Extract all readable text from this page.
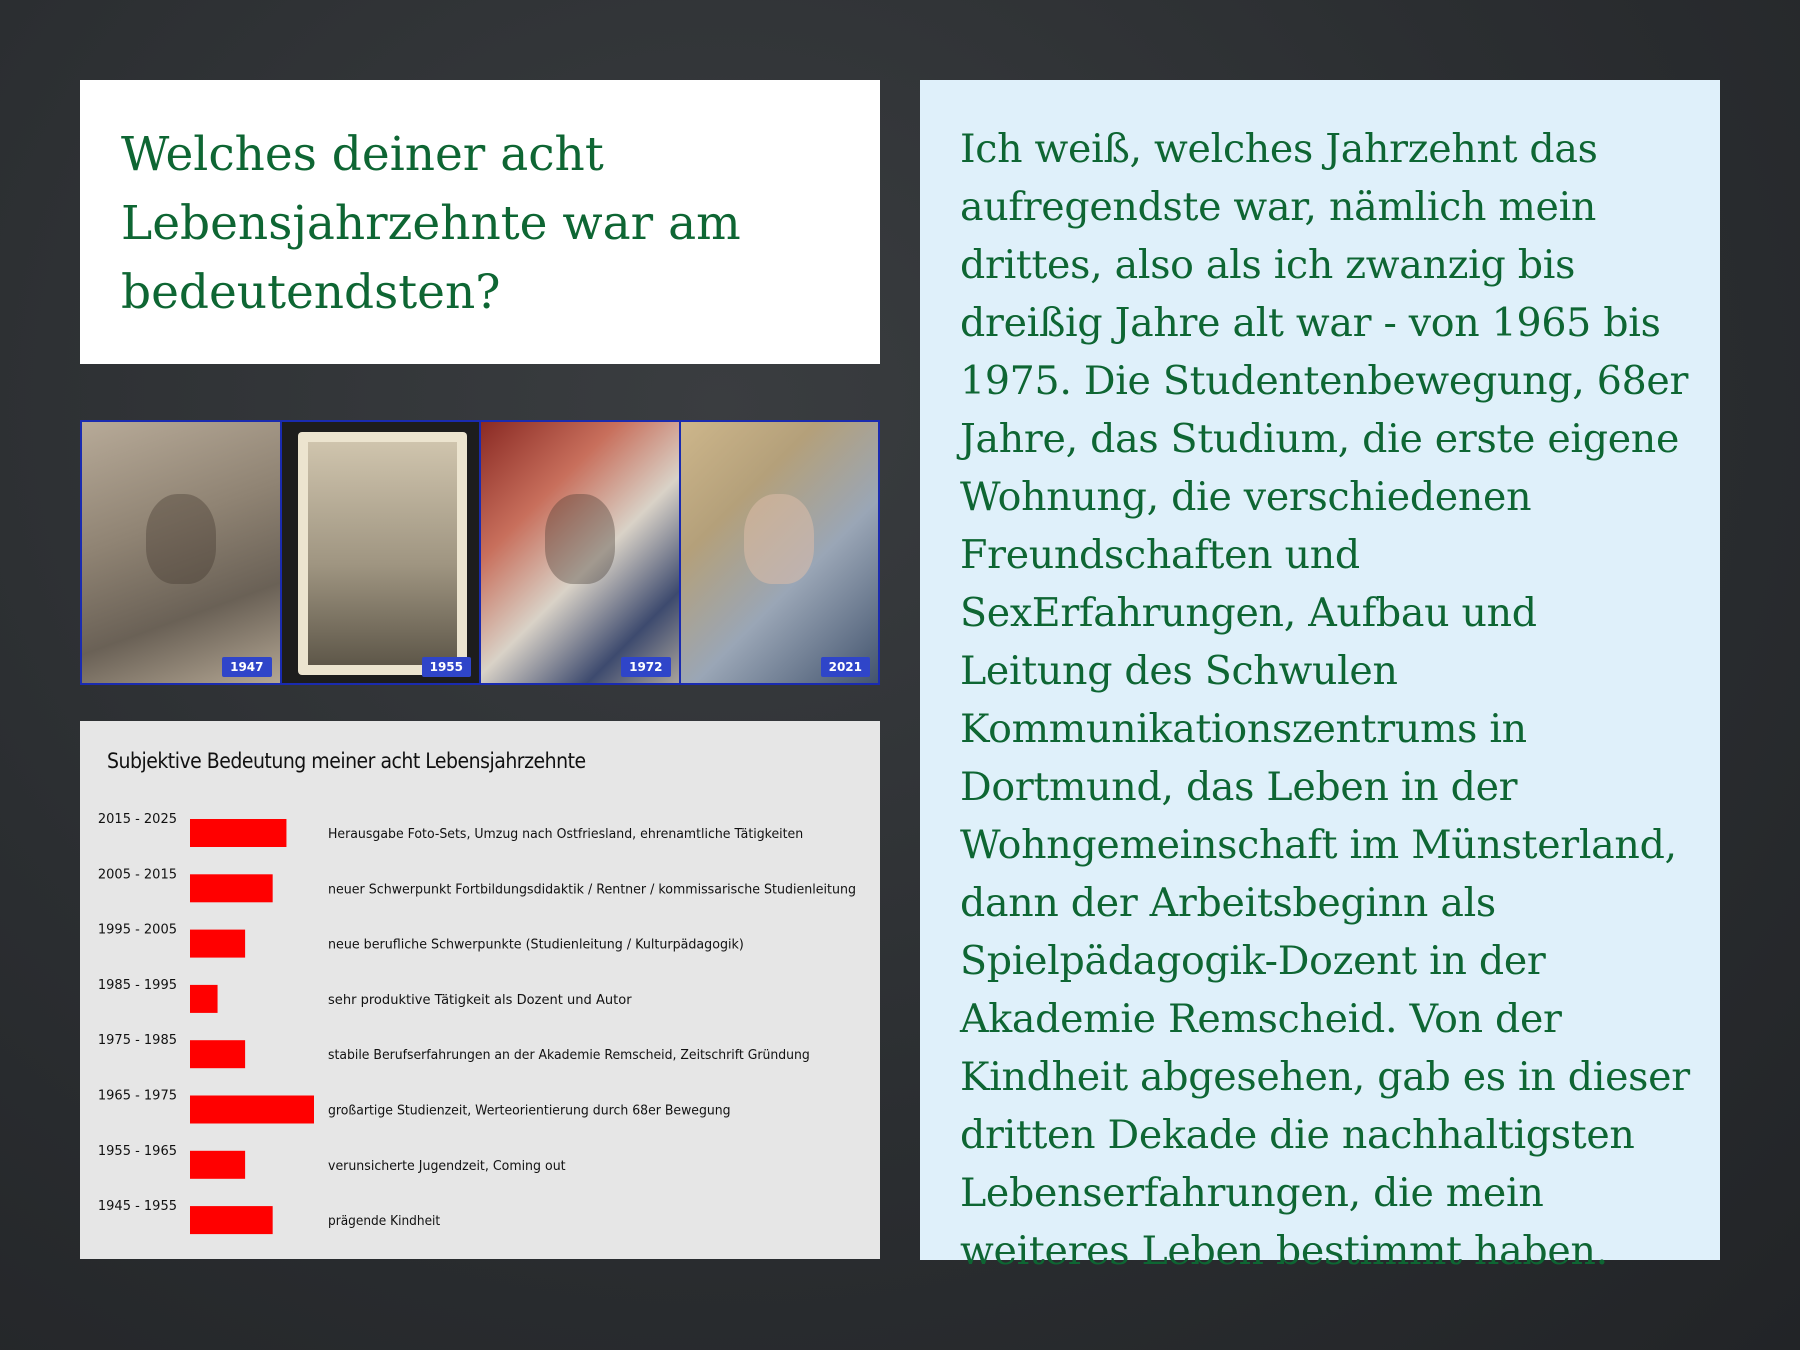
Welches deiner acht Lebensjahrzehnte war am bedeutendsten?
1947	1955	1972	2021
Subjektive Bedeutung meiner acht Lebensjahrzehnte
2015 - 2025
Herausgabe Foto-Sets, Umzug nach Ostfriesland, ehrenamtliche Tätigkeiten
2005 - 2015
neuer Schwerpunkt Fortbildungsdidaktik / Rentner / kommissarische Studienleitung
1995 - 2005
neue berufliche Schwerpunkte (Studienleitung / Kulturpädagogik)
1985 - 1995
sehr produktive Tätigkeit als Dozent und Autor
1975 - 1985
stabile Berufserfahrungen an der Akademie Remscheid, Zeitschrift Gründung
1965 - 1975
großartige Studienzeit, Werteorientierung durch 68er Bewegung
1955 - 1965
verunsicherte Jugendzeit, Coming out
1945 - 1955
prägende Kindheit

Ich weiß, welches Jahrzehnt das aufregendste war, nämlich mein drittes, also als ich zwanzig bis dreißig Jahre alt war - von 1965 bis 1975. Die Studentenbewegung, 68er Jahre, das Studium, die erste eigene Wohnung, die verschiedenen Freundschaften und SexErfahrungen, Aufbau und Leitung des Schwulen Kommunikationszentrums in Dortmund, das Leben in der Wohngemeinschaft im Münsterland, dann der Arbeitsbeginn als Spielpädagogik-Dozent in der Akademie Remscheid. Von der Kindheit abgesehen, gab es in dieser dritten Dekade die nachhaltigsten Lebenserfahrungen, die mein weiteres Leben bestimmt haben.
